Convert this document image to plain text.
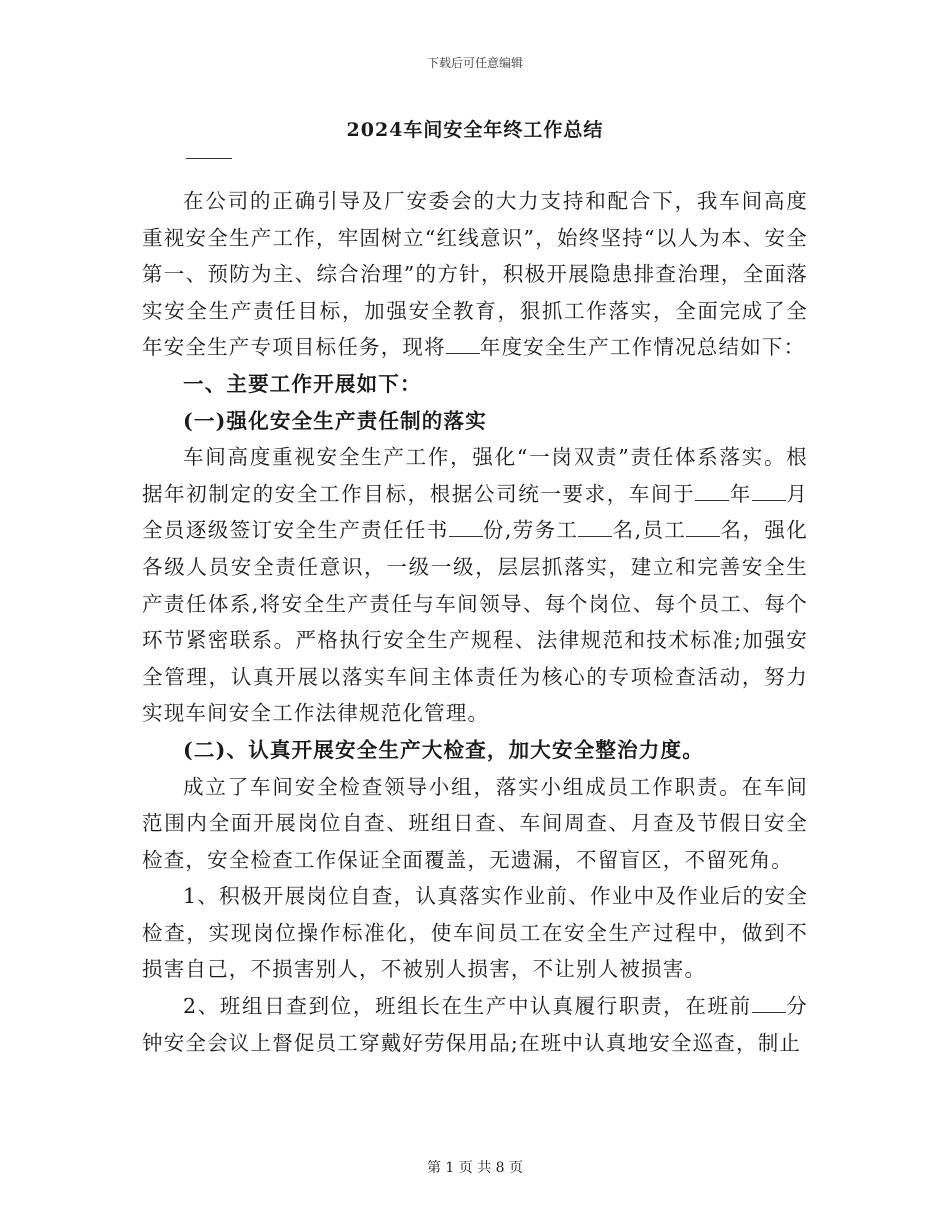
下载后可任意编辑
2024车间安全年终工作总结

在公司的正确引导及厂安委会的大力支持和配合下，我车间高度重视安全生产工作，牢固树立“红线意识”，始终坚持“以人为本、安全第一、预防为主、综合治理”的方针，积极开展隐患排查治理，全面落实安全生产责任目标，加强安全教育，狠抓工作落实，全面完成了全年安全生产专项目标任务，现将 年度安全生产工作情况总结如下：

一、主要工作开展如下：

(一)强化安全生产责任制的落实

车间高度重视安全生产工作，强化“一岗双责”责任体系落实。根据年初制定的安全工作目标，根据公司统一要求，车间于 年 月全员逐级签订安全生产责任任书 份,劳务工 名,员工 名，强化各级人员安全责任意识，一级一级，层层抓落实，建立和完善安全生产责任体系,将安全生产责任与车间领导、每个岗位、每个员工、每个环节紧密联系。严格执行安全生产规程、法律规范和技术标准;加强安全管理，认真开展以落实车间主体责任为核心的专项检查活动，努力实现车间安全工作法律规范化管理。

(二)、认真开展安全生产大检查，加大安全整治力度。

成立了车间安全检查领导小组，落实小组成员工作职责。在车间范围内全面开展岗位自查、班组日查、车间周查、月查及节假日安全检查，安全检查工作保证全面覆盖，无遗漏，不留盲区，不留死角。

1、积极开展岗位自查，认真落实作业前、作业中及作业后的安全检查，实现岗位操作标准化，使车间员工在安全生产过程中，做到不损害自己，不损害别人，不被别人损害，不让别人被损害。

2、班组日查到位，班组长在生产中认真履行职责，在班前 分钟安全会议上督促员工穿戴好劳保用品;在班中认真地安全巡查，制止

第 1 页 共 8 页
